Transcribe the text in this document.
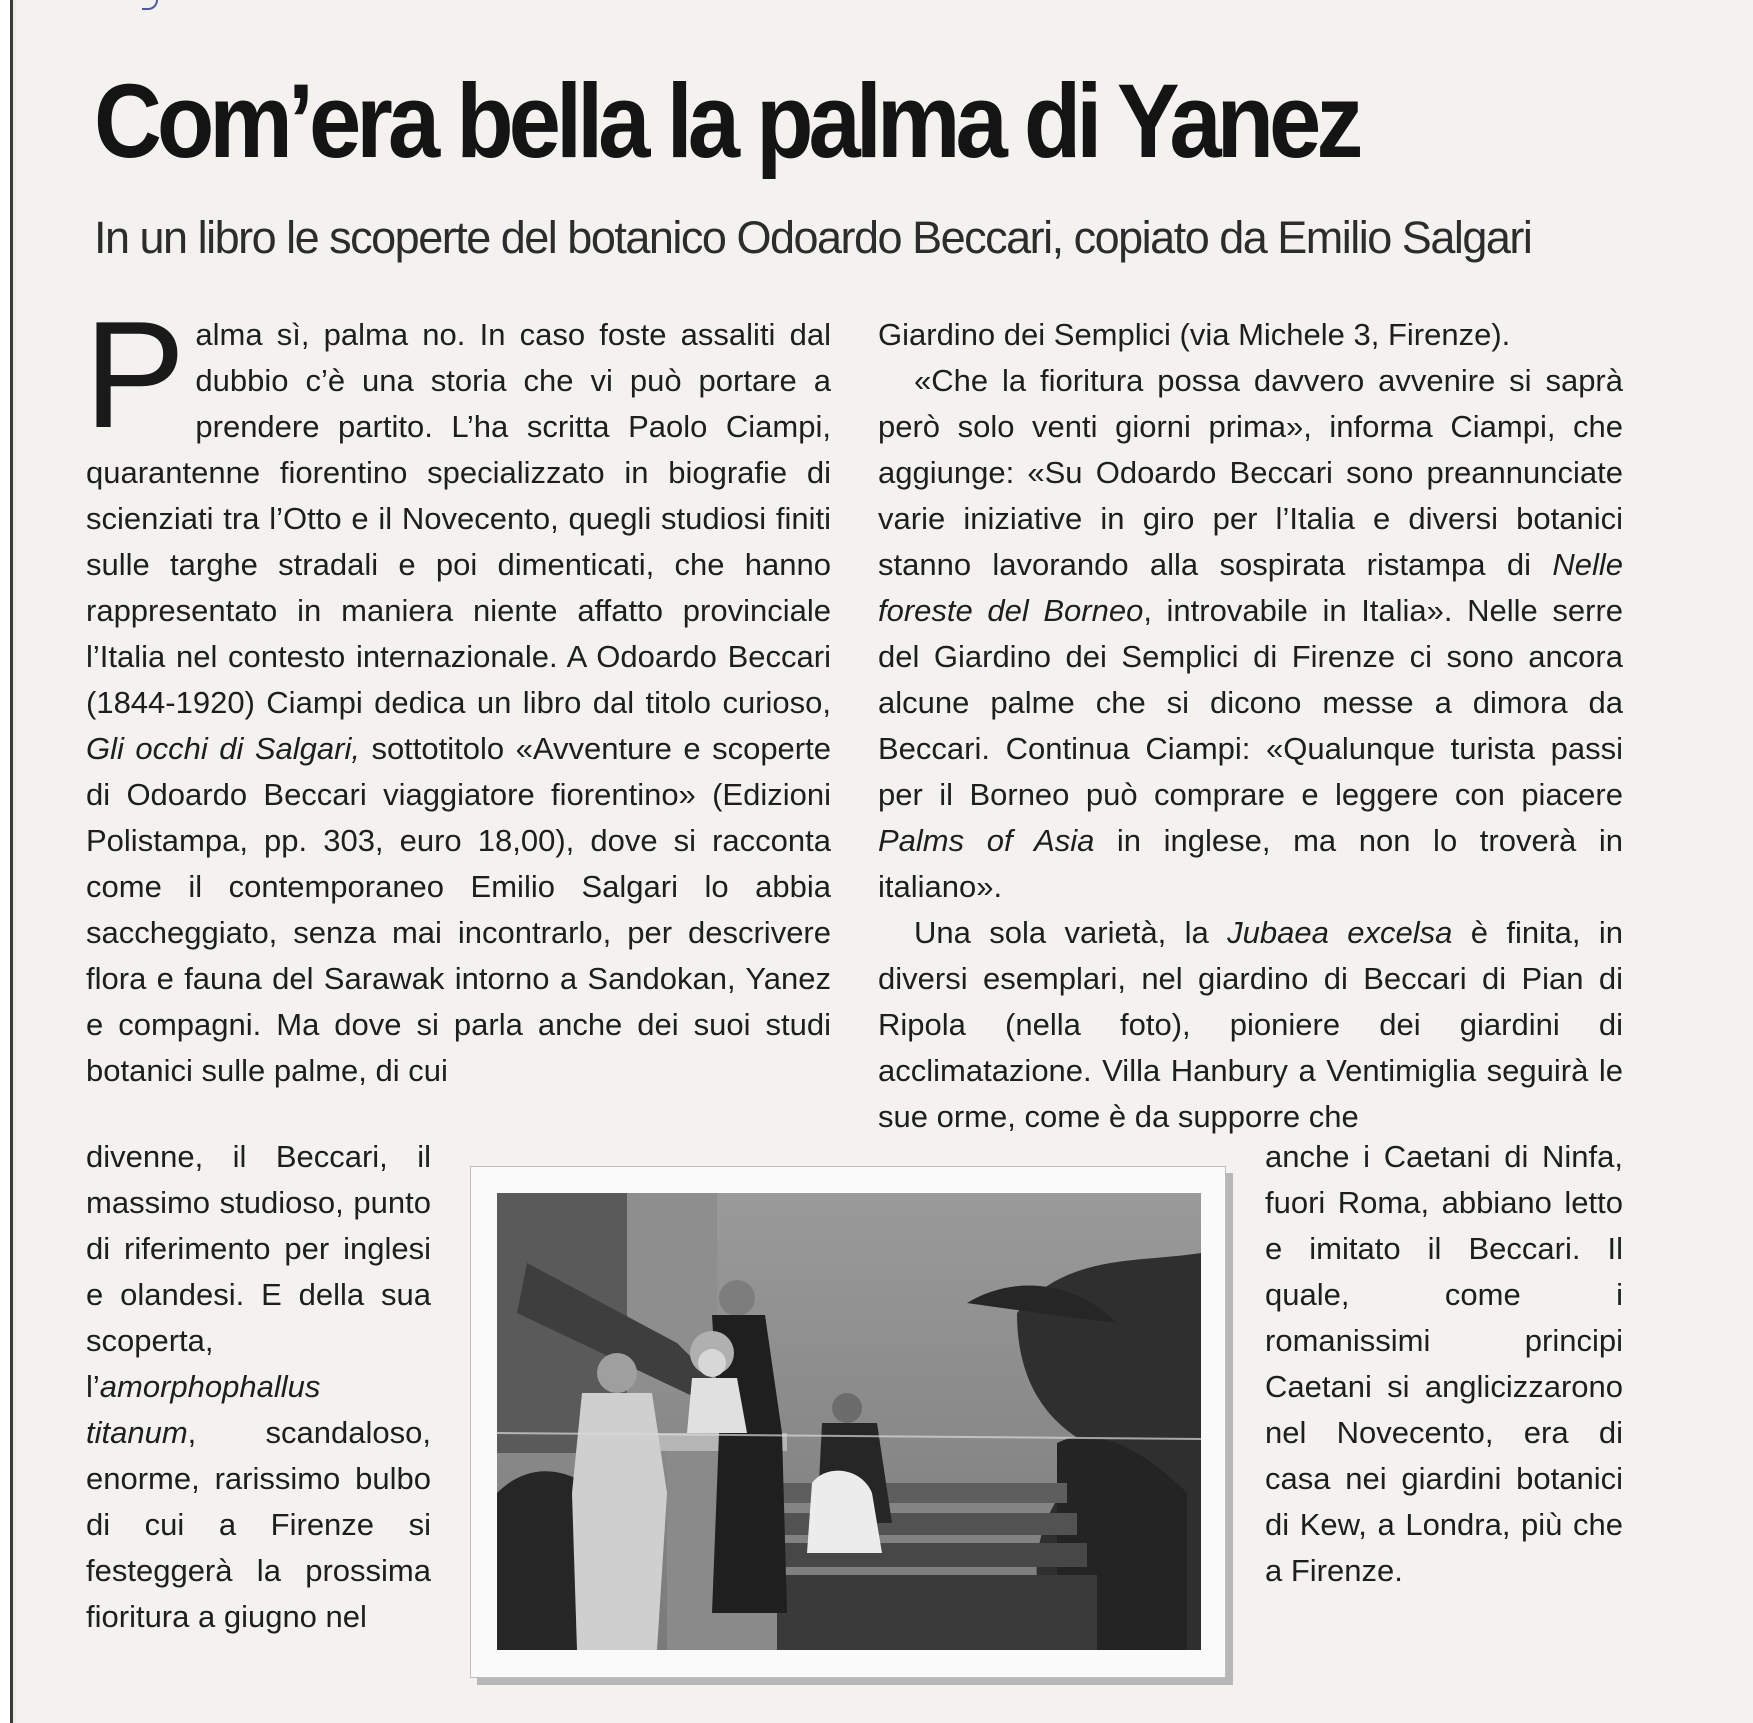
Com’era bella la palma di Yanez
In un libro le scoperte del botanico Odoardo Beccari, copiato da Emilio Salgari

Palma sì, palma no. In caso foste assaliti dal dubbio c’è una storia che vi può portare a prendere partito. L’ha scritta Paolo Ciampi, quarantenne fiorentino specializzato in biografie di scienziati tra l’Otto e il Novecento, quegli studiosi finiti sulle targhe stradali e poi dimenticati, che hanno rappresentato in maniera niente affatto provinciale l’Italia nel contesto internazionale. A Odoardo Beccari (1844-1920) Ciampi dedica un libro dal titolo curioso, Gli occhi di Salgari, sottotitolo «Avventure e scoperte di Odoardo Beccari viaggiatore fiorentino» (Edizioni Polistampa, pp. 303, euro 18,00), dove si racconta come il contemporaneo Emilio Salgari lo abbia saccheggiato, senza mai incontrarlo, per descrivere flora e fauna del Sarawak intorno a Sandokan, Yanez e compagni. Ma dove si parla anche dei suoi studi botanici sulle palme, di cui

divenne, il Beccari, il massimo studioso, punto di riferimento per inglesi e olandesi. E della sua scoperta, l’amorphophallus titanum, scandaloso, enorme, rarissimo bulbo di cui a Firenze si festeggerà la prossima fioritura a giugno nel

Giardino dei Semplici (via Michele 3, Firenze).

«Che la fioritura possa davvero avvenire si saprà però solo venti giorni prima», informa Ciampi, che aggiunge: «Su Odoardo Beccari sono preannunciate varie iniziative in giro per l’Italia e diversi botanici stanno lavorando alla sospirata ristampa di Nelle foreste del Borneo, introvabile in Italia». Nelle serre del Giardino dei Semplici di Firenze ci sono ancora alcune palme che si dicono messe a dimora da Beccari. Continua Ciampi: «Qualunque turista passi per il Borneo può comprare e leggere con piacere Palms of Asia in inglese, ma non lo troverà in italiano».

Una sola varietà, la Jubaea excelsa è finita, in diversi esemplari, nel giardino di Beccari di Pian di Ripola (nella foto), pioniere dei giardini di acclimatazione. Villa Hanbury a Ventimiglia seguirà le sue orme, come è da supporre che

anche i Caetani di Ninfa, fuori Roma, abbiano letto e imitato il Beccari. Il quale, come i romanissimi principi Caetani si anglicizzarono nel Novecento, era di casa nei giardini botanici di Kew, a Londra, più che a Firenze.
